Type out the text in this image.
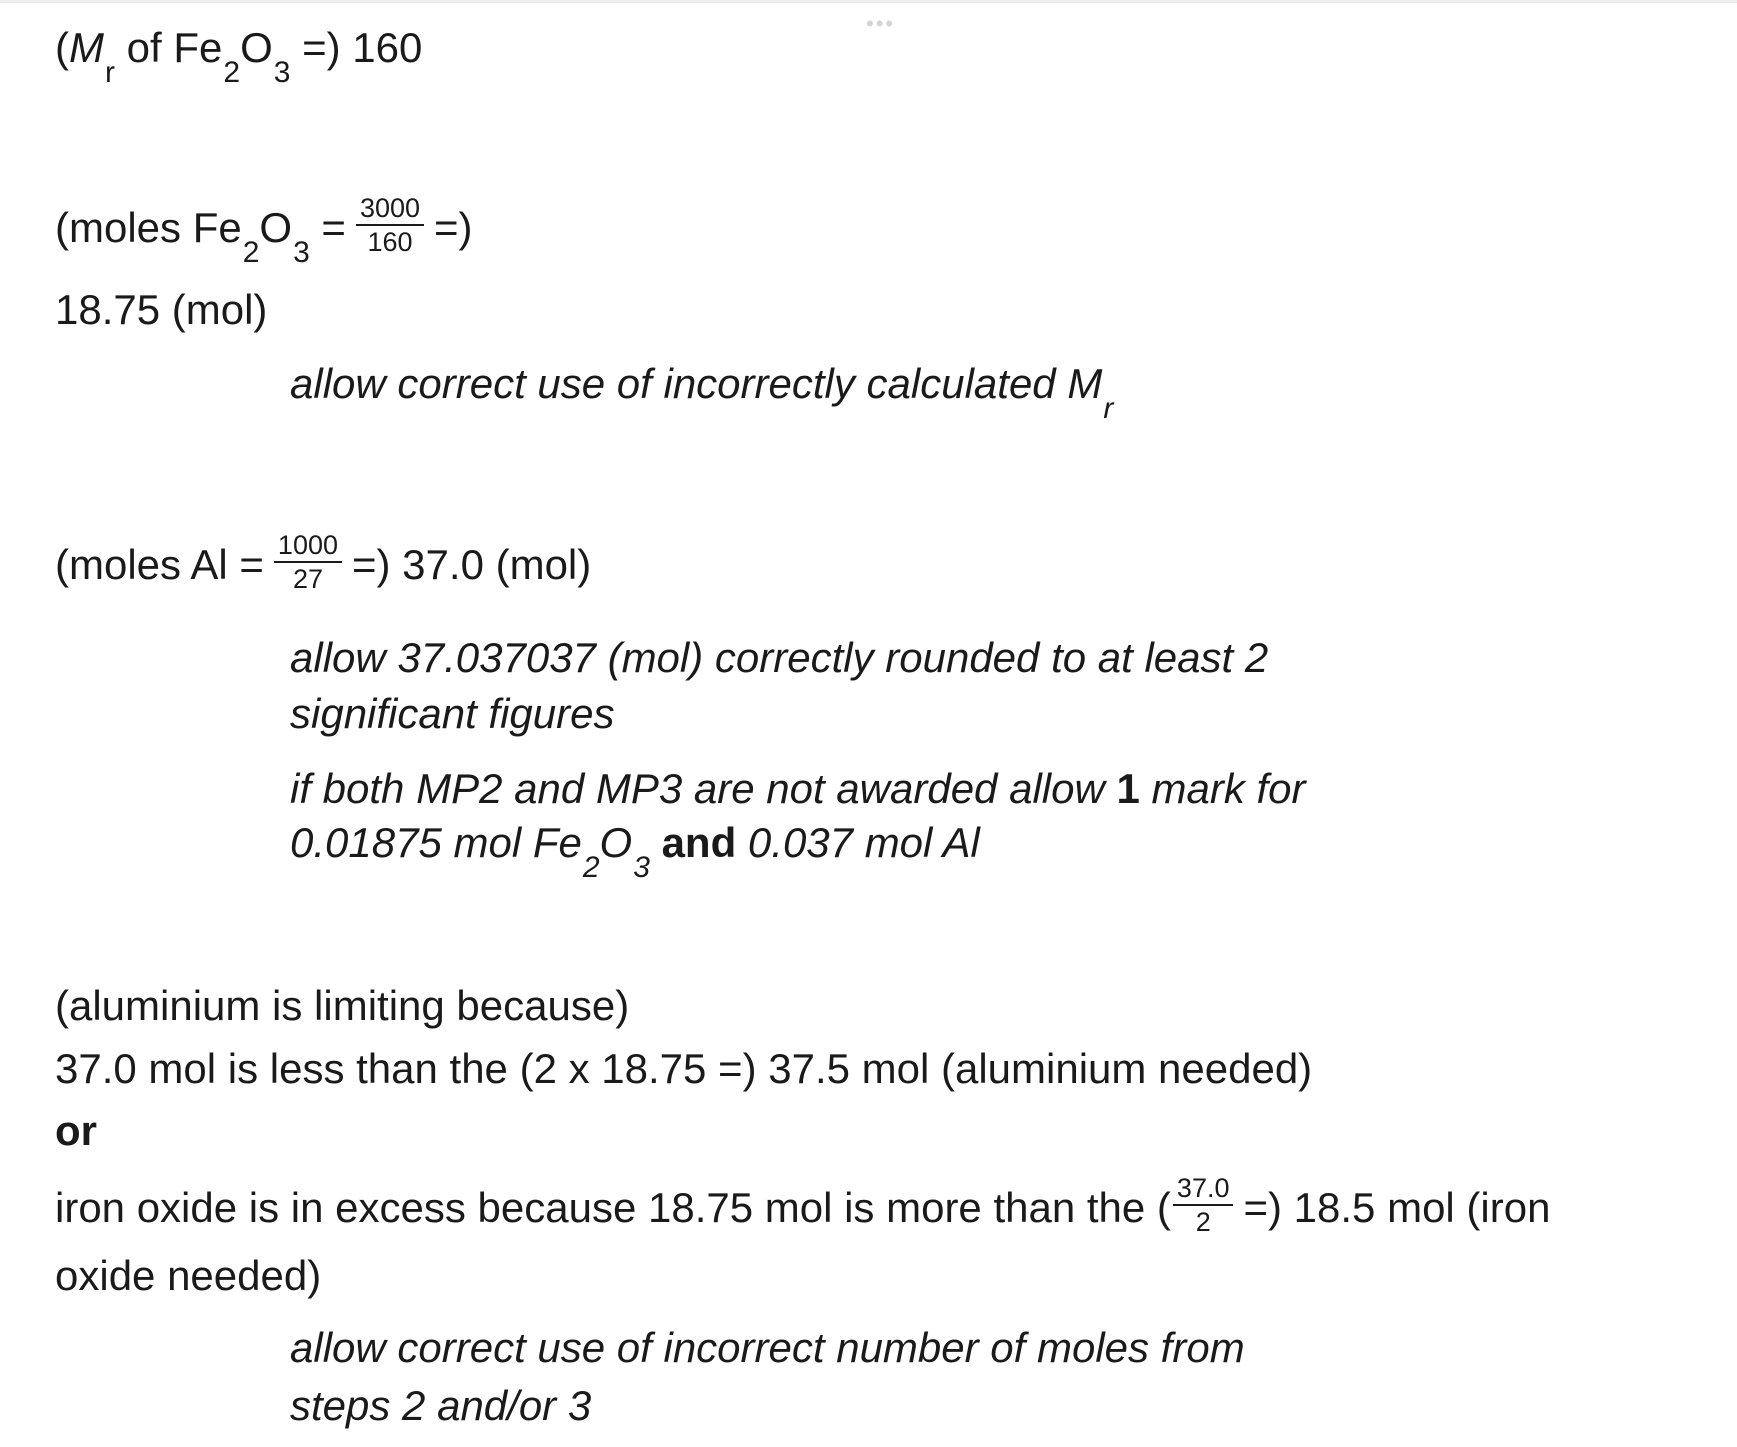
•••
($M_r$ of $Fe_2O_3$ =) 160
(moles $Fe_2O_3 = \frac{3000}{160}$ =)
18.75 (mol)
allow correct use of incorrectly calculated $M_r$
(moles $Al = \frac{1000}{27}$ =) 37.0 (mol)
allow 37.037037 (mol) correctly rounded to at least 2
significant figures
if both MP2 and MP3 are not awarded allow 1 mark for
0.01875 mol $Fe_2O_3$ and 0.037 mol Al
(aluminium is limiting because)
37.0 mol is less than the (2 x 18.75 =) 37.5 mol (aluminium needed)
or
iron oxide is in excess because 18.75 mol is more than the ( $\frac{37.0}{2}$ =) 18.5 mol (iron
oxide needed)
allow correct use of incorrect number of moles from
steps 2 and/or 3
